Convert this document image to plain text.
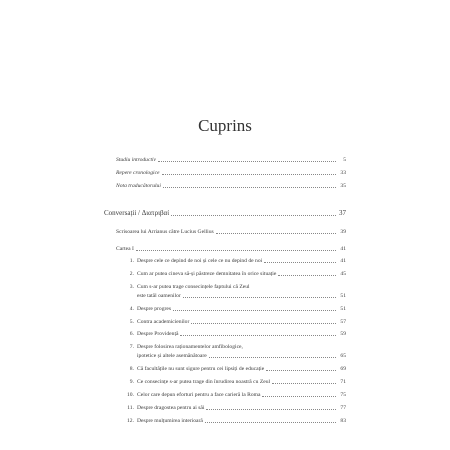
Cuprins
Studiu introductiv	5
Repere cronologice	33
Nota traducătorului	35
Conversații / Διατριβαί	37
Scrisoarea lui Arrianus către Lucius Gellius	39
Cartea I	41
1. Despre cele ce depind de noi și cele ce nu depind de noi	41
2. Cum ar putea cineva să-și păstreze demnitatea în orice situație	45
3. Cum s-ar putea trage consecințele faptului că Zeul
este tatăl oamenilor	51
4. Despre progres	51
5. Contra academicienilor	57
6. Despre Providență	59
7. Despre folosirea raționamentelor amfibologice,
ipotetice și altele asemănătoare	65
8. Că facultățile nu sunt sigure pentru cei lipsiți de educație	69
9. Ce consecințe s-ar putea trage din înrudirea noastră cu Zeul	71
10. Celor care depun eforturi pentru a face carieră la Roma	75
11. Despre dragostea pentru ai săi	77
12. Despre mulțumirea interioară	83
